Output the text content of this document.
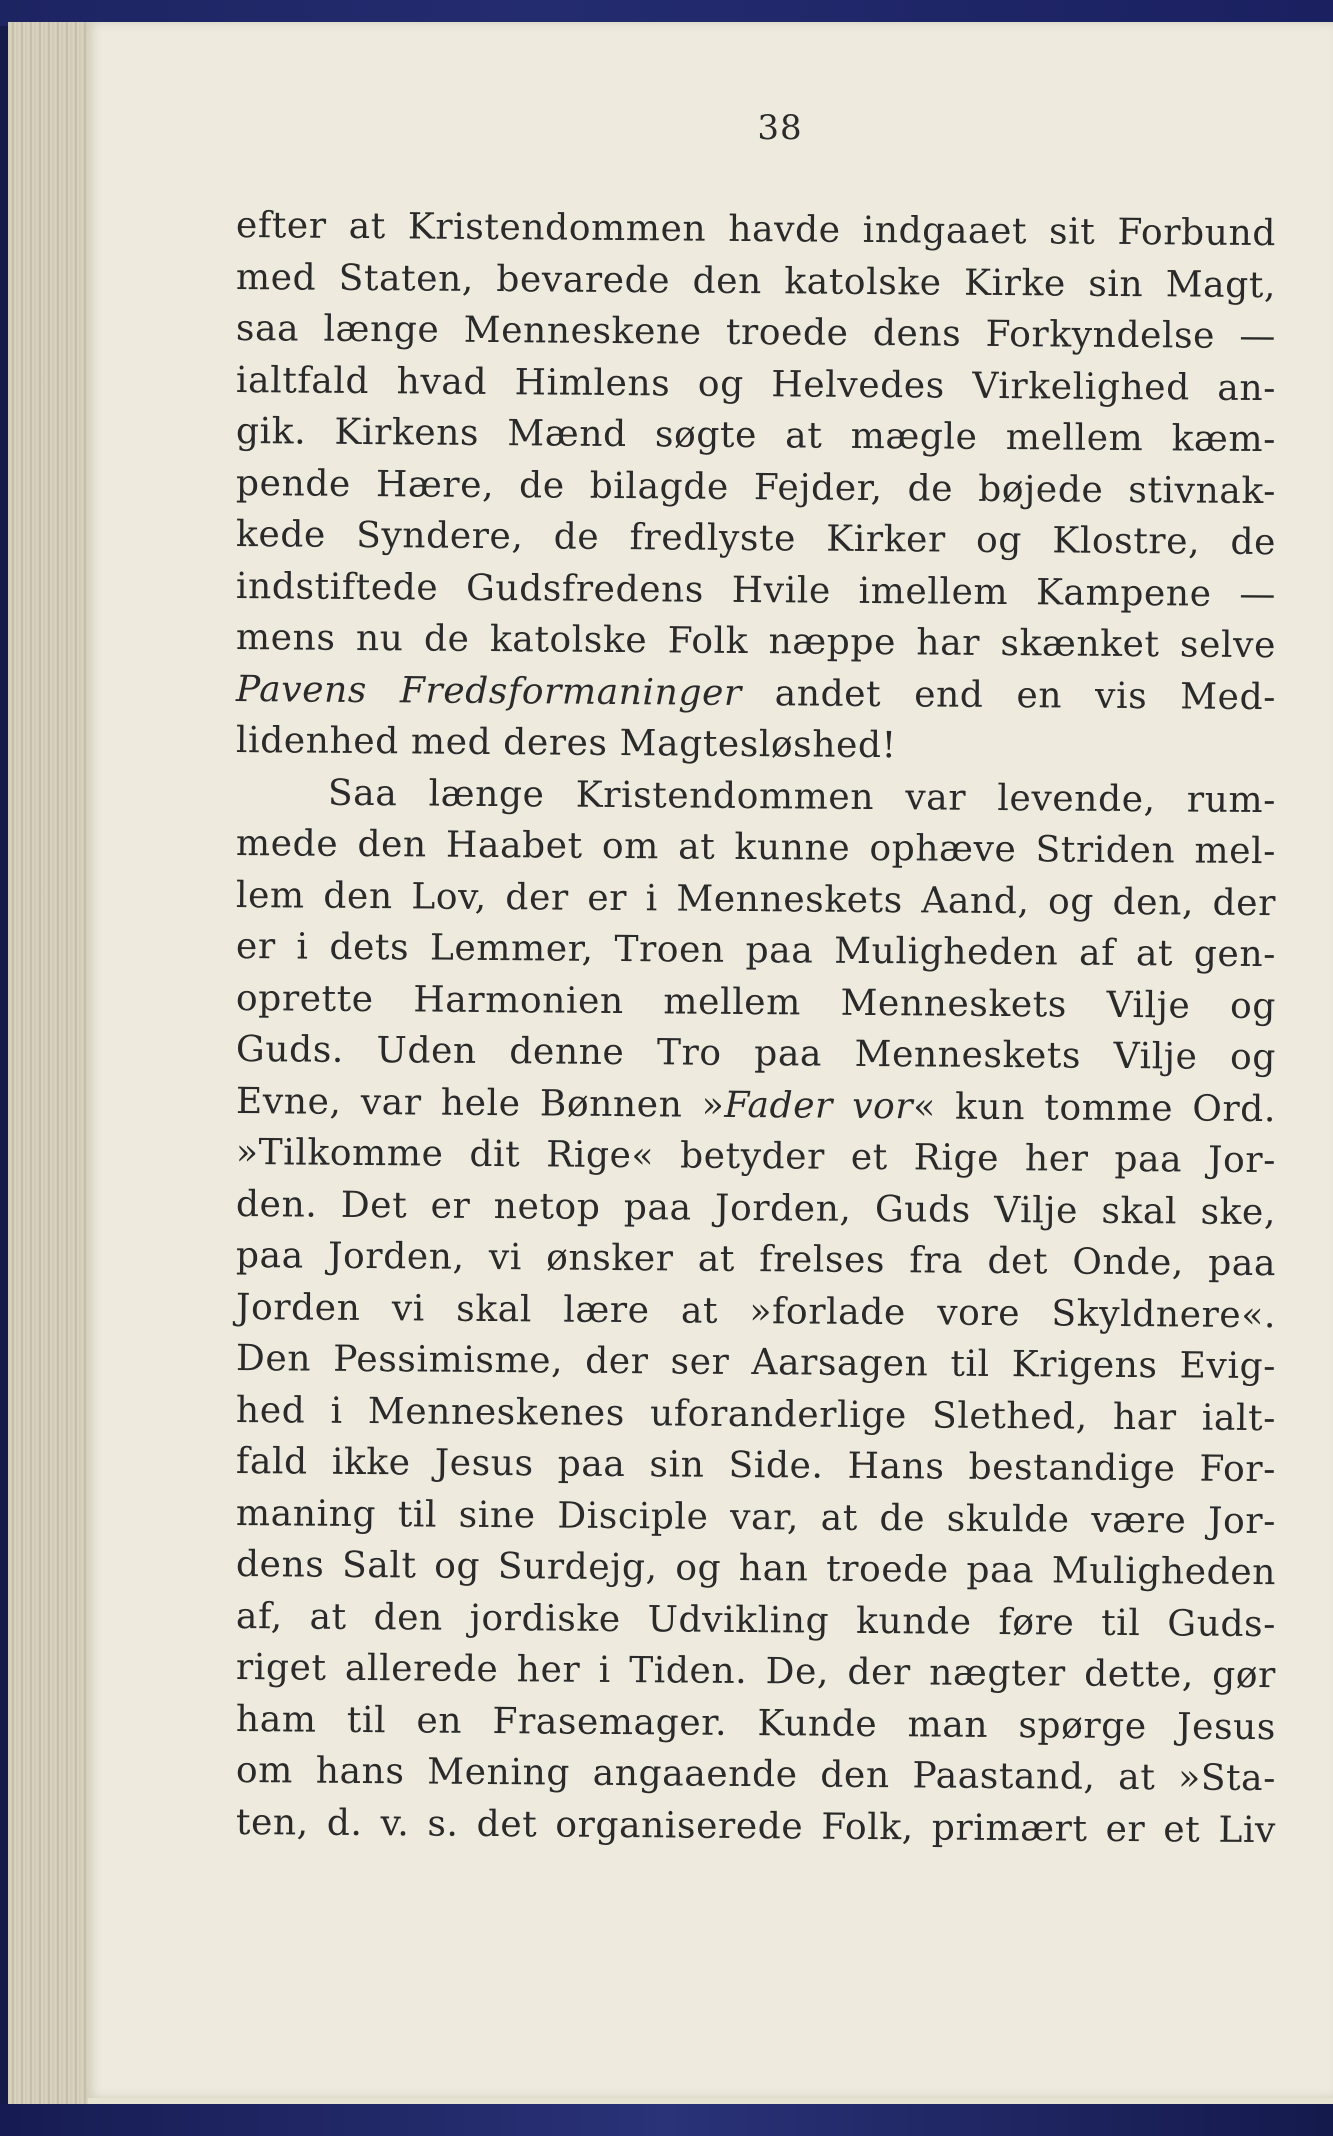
38
efter at Kristendommen havde indgaaet sit Forbund
med Staten, bevarede den katolske Kirke sin Magt,
saa længe Menneskene troede dens Forkyndelse —
ialtfald hvad Himlens og Helvedes Virkelighed an-
gik. Kirkens Mænd søgte at mægle mellem kæm-
pende Hære, de bilagde Fejder, de bøjede stivnak-
kede Syndere, de fredlyste Kirker og Klostre, de
indstiftede Gudsfredens Hvile imellem Kampene —
mens nu de katolske Folk næppe har skænket selve
Pavens Fredsformaninger andet end en vis Med-
lidenhed med deres Magtesløshed!
Saa længe Kristendommen var levende, rum-
mede den Haabet om at kunne ophæve Striden mel-
lem den Lov, der er i Menneskets Aand, og den, der
er i dets Lemmer, Troen paa Muligheden af at gen-
oprette Harmonien mellem Menneskets Vilje og
Guds. Uden denne Tro paa Menneskets Vilje og
Evne, var hele Bønnen »Fader vor« kun tomme Ord.
»Tilkomme dit Rige« betyder et Rige her paa Jor-
den. Det er netop paa Jorden, Guds Vilje skal ske,
paa Jorden, vi ønsker at frelses fra det Onde, paa
Jorden vi skal lære at »forlade vore Skyldnere«.
Den Pessimisme, der ser Aarsagen til Krigens Evig-
hed i Menneskenes uforanderlige Slethed, har ialt-
fald ikke Jesus paa sin Side. Hans bestandige For-
maning til sine Disciple var, at de skulde være Jor-
dens Salt og Surdejg, og han troede paa Muligheden
af, at den jordiske Udvikling kunde føre til Guds-
riget allerede her i Tiden. De, der nægter dette, gør
ham til en Frasemager. Kunde man spørge Jesus
om hans Mening angaaende den Paastand, at »Sta-
ten, d. v. s. det organiserede Folk, primært er et Liv
